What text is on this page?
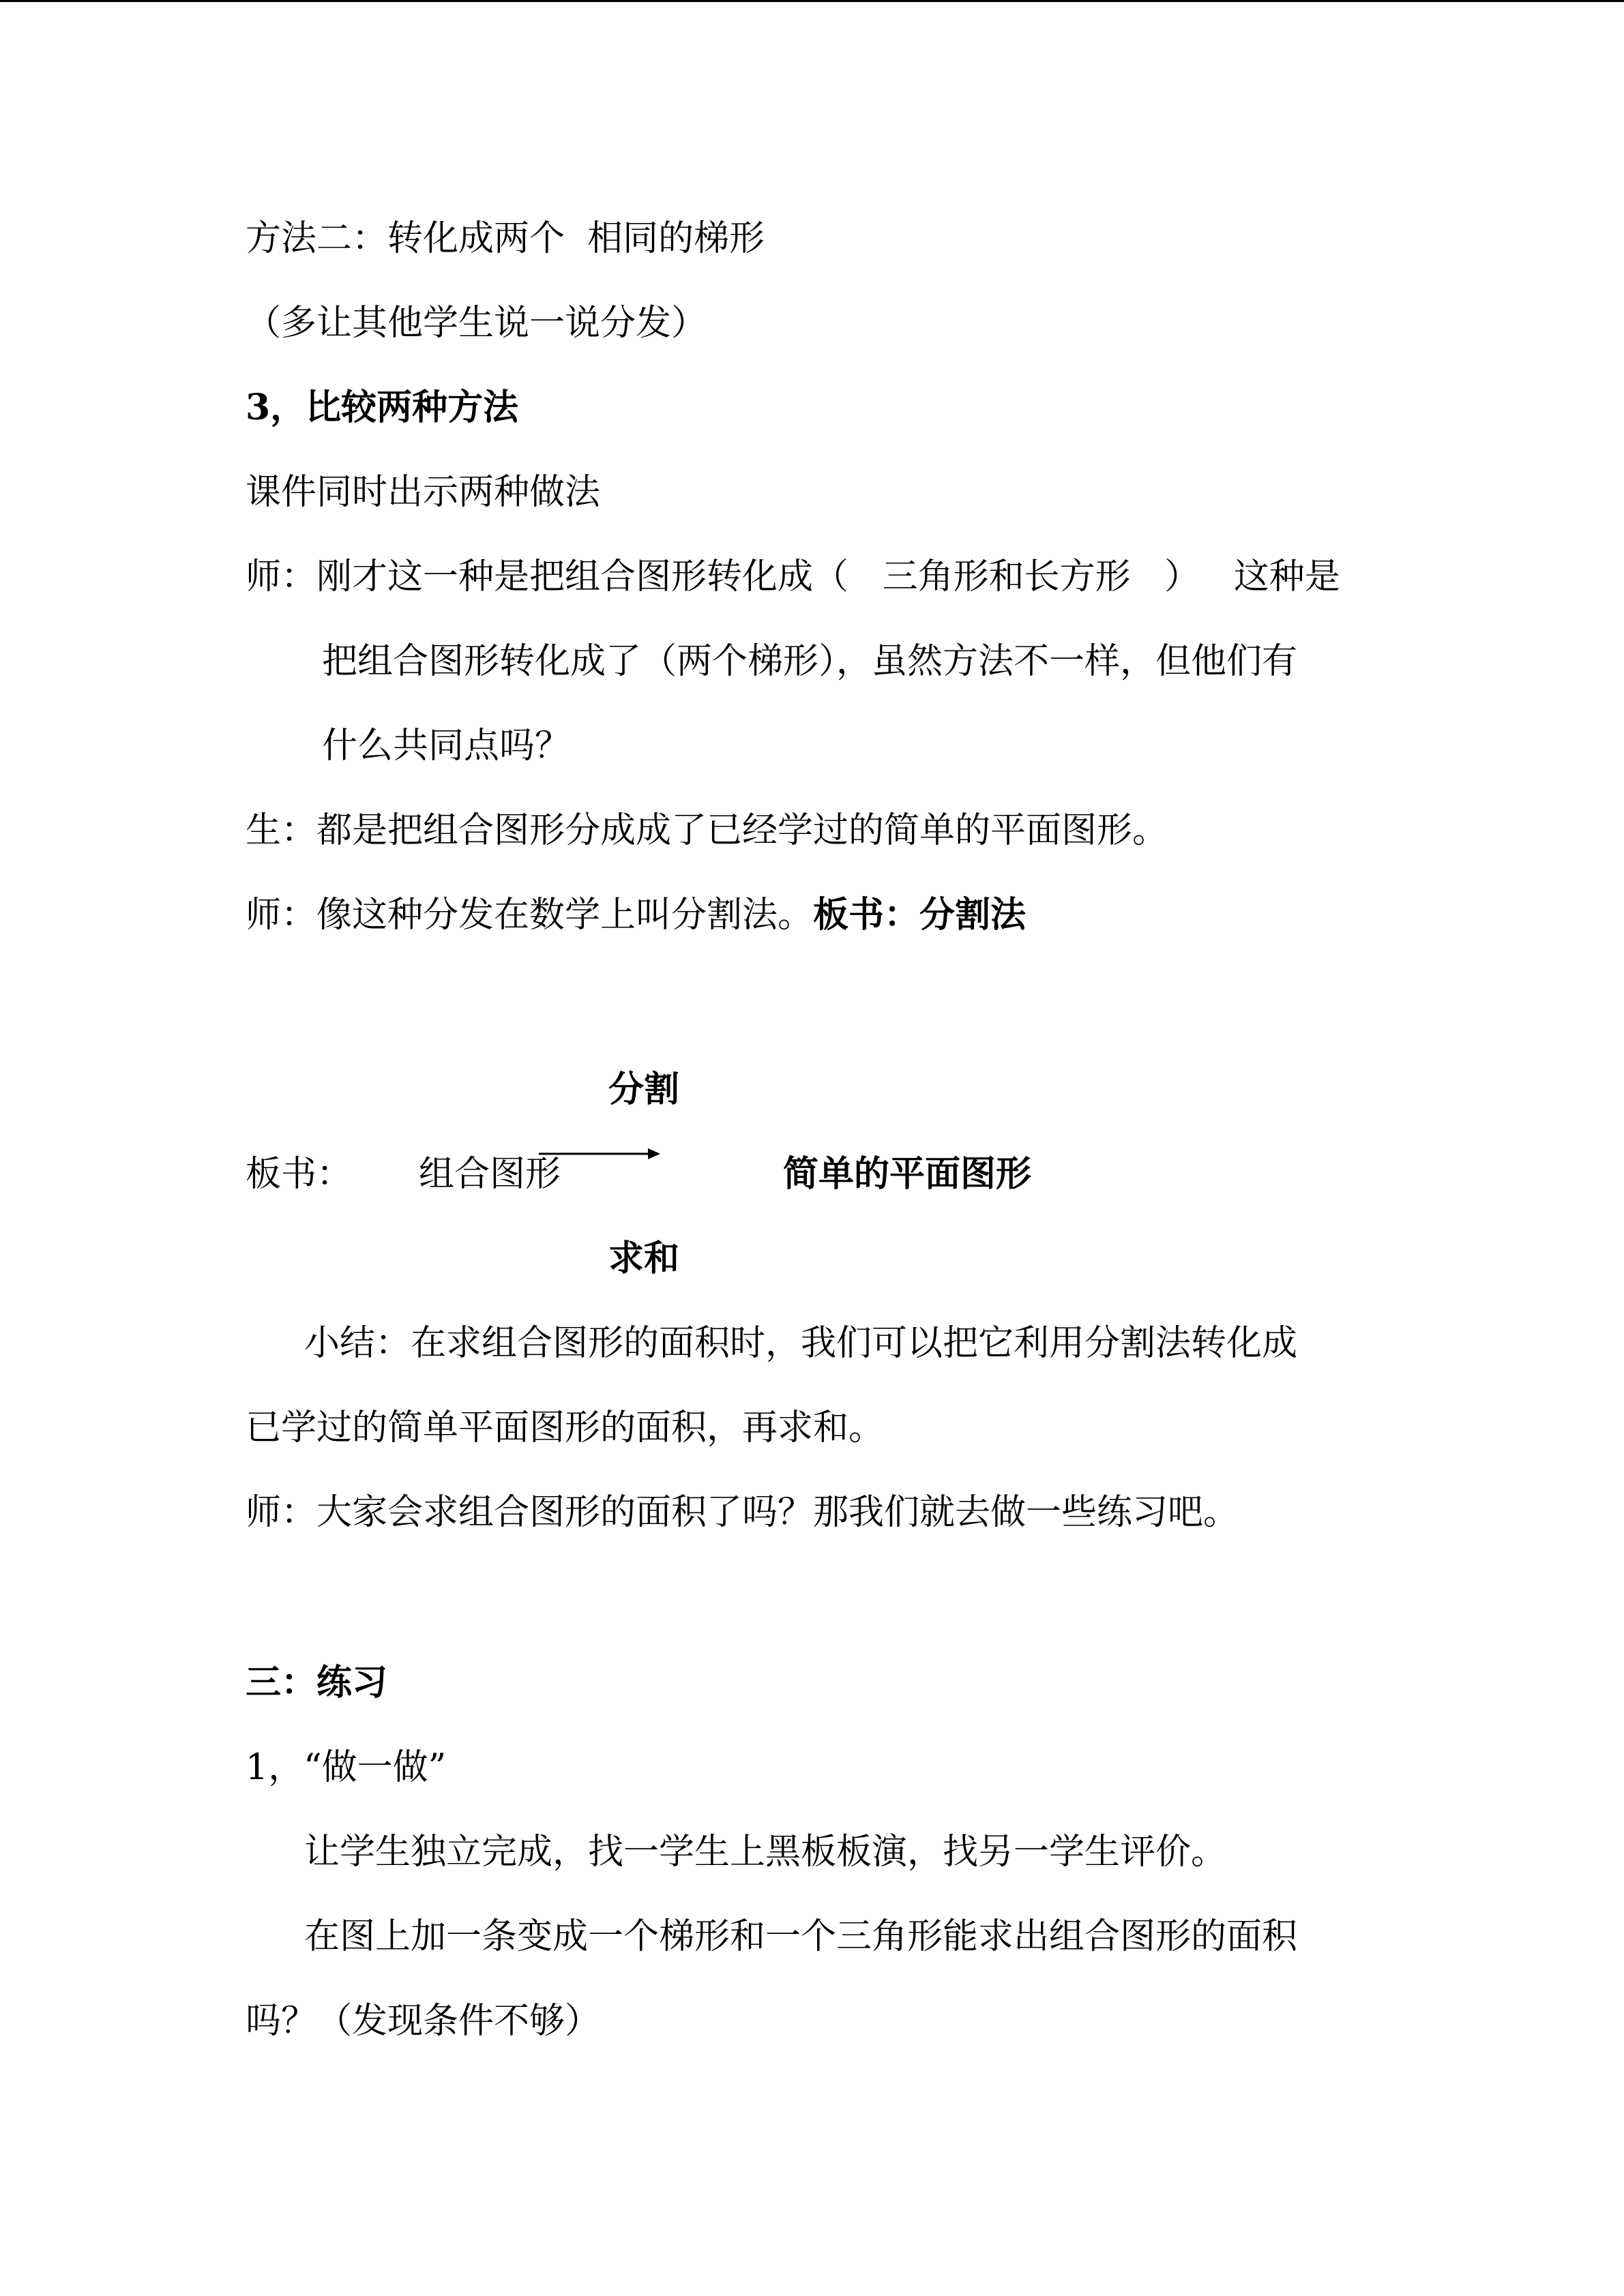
方法二：转化成两个  相同的梯形
（多让其他学生说一说分发）
3，比较两种方法
课件同时出示两种做法
师：刚才这一种是把组合图形转化成（   三角形和长方形   ）   这种是
把组合图形转化成了（两个梯形），虽然方法不一样，但他们有
什么共同点吗？
生：都是把组合图形分成成了已经学过的简单的平面图形。
师：像这种分发在数学上叫分割法。板书：分割法
分割
板书： 组合图形	简单的平面图形
求和
小结：在求组合图形的面积时，我们可以把它利用分割法转化成
已学过的简单平面图形的面积，再求和。
师：大家会求组合图形的面积了吗？那我们就去做一些练习吧。
三：练习
1，“做一做”
让学生独立完成，找一学生上黑板板演，找另一学生评价。
在图上加一条变成一个梯形和一个三角形能求出组合图形的面积
吗？（发现条件不够）
